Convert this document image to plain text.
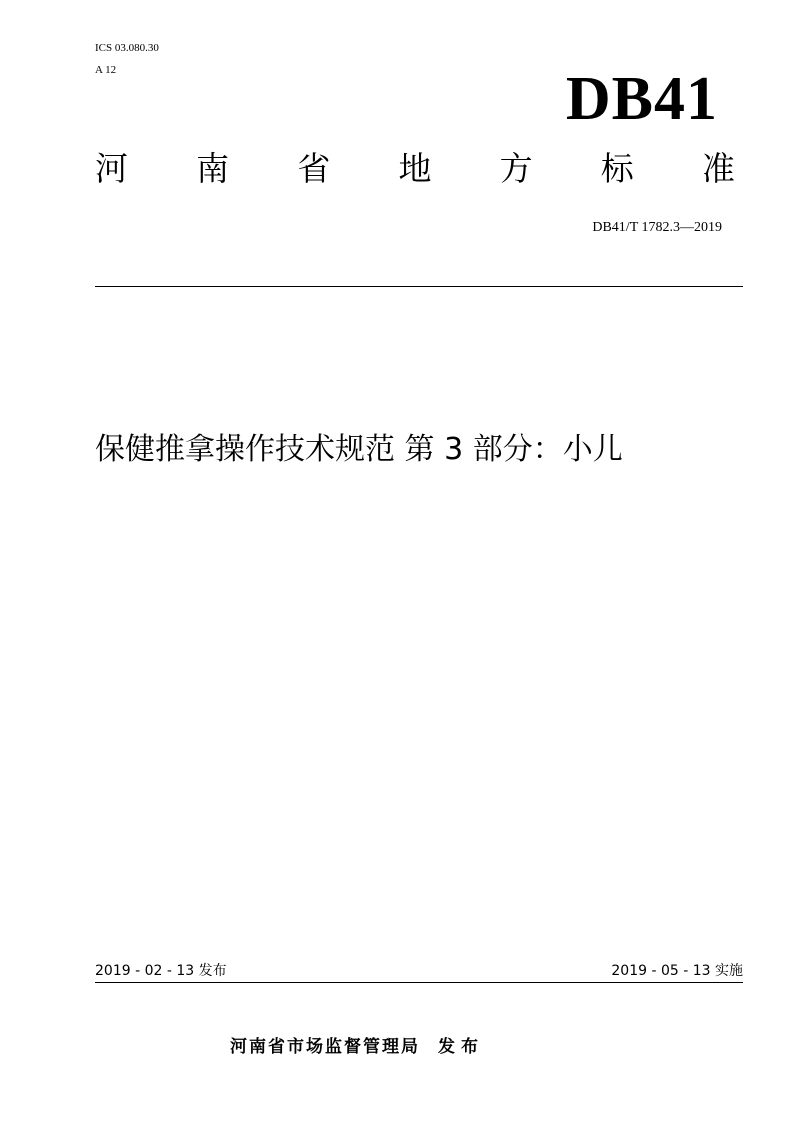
ICS 03.080.30
A 12	DB41
河 南 省 地 方 标 准
DB41/T 1782.3—2019
保健推拿操作技术规范 第 3 部分：小儿
2019 - 02 - 13 发布	2019 - 05 - 13 实施
河南省市场监督管理局 发布
